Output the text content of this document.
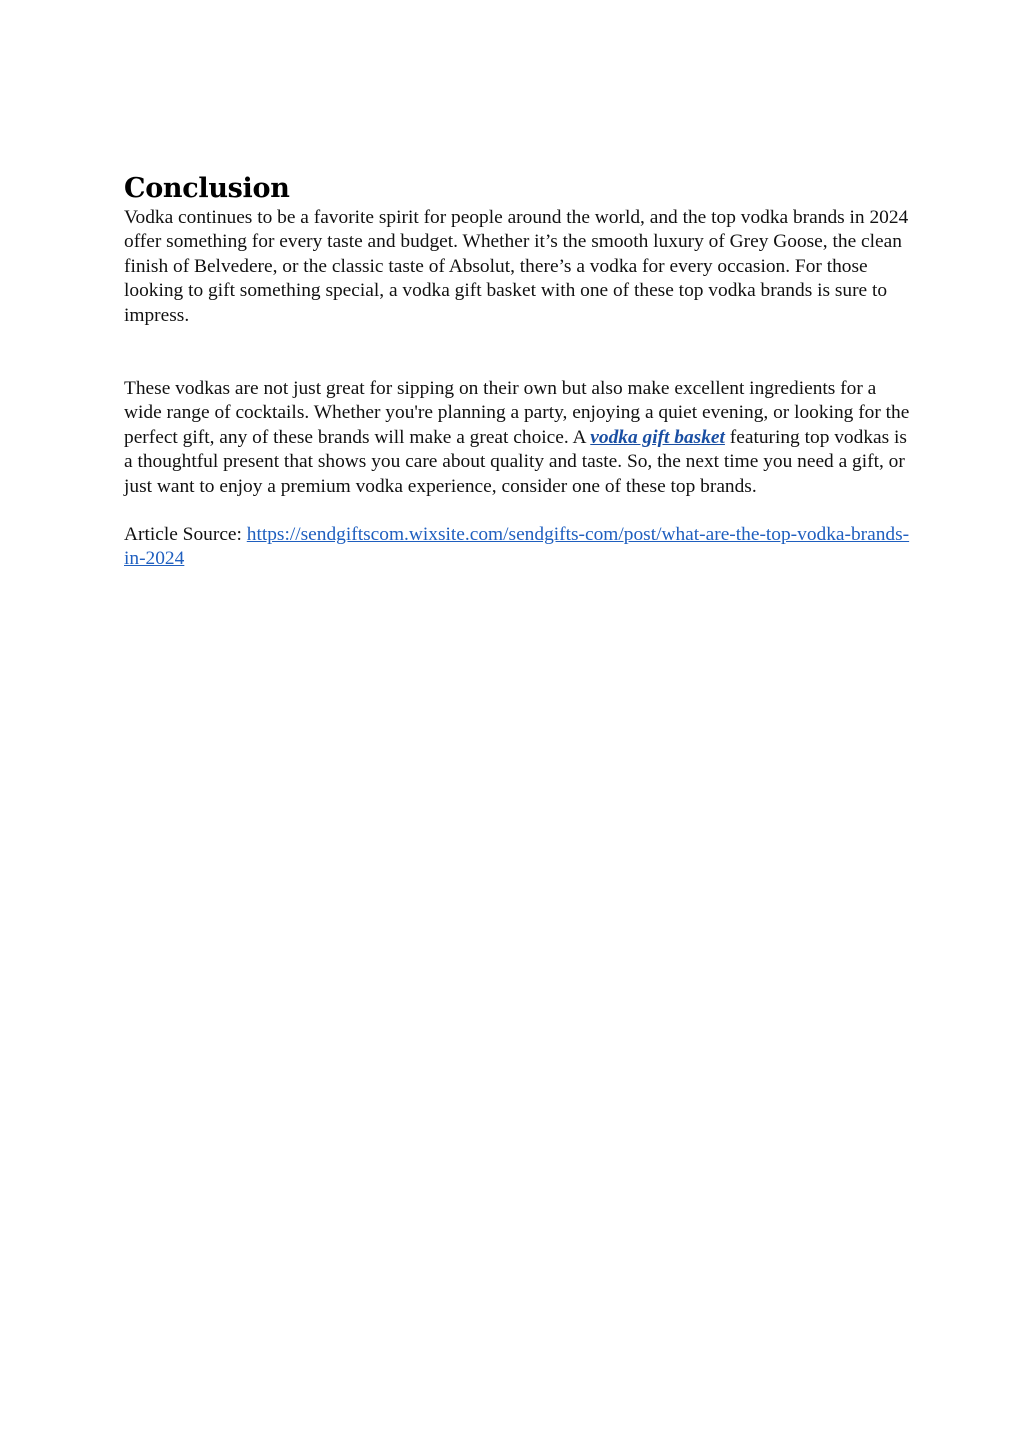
Conclusion

Vodka continues to be a favorite spirit for people around the world, and the top vodka brands in 2024 offer something for every taste and budget. Whether it’s the smooth luxury of Grey Goose, the clean finish of Belvedere, or the classic taste of Absolut, there’s a vodka for every occasion. For those looking to gift something special, a vodka gift basket with one of these top vodka brands is sure to impress.

These vodkas are not just great for sipping on their own but also make excellent ingredients for a wide range of cocktails. Whether you're planning a party, enjoying a quiet evening, or looking for the perfect gift, any of these brands will make a great choice. A vodka gift basket featuring top vodkas is a thoughtful present that shows you care about quality and taste. So, the next time you need a gift, or just want to enjoy a premium vodka experience, consider one of these top brands.

Article Source: https://sendgiftscom.wixsite.com/sendgifts-com/post/what-are-the-top-vodka-brands-in-2024
